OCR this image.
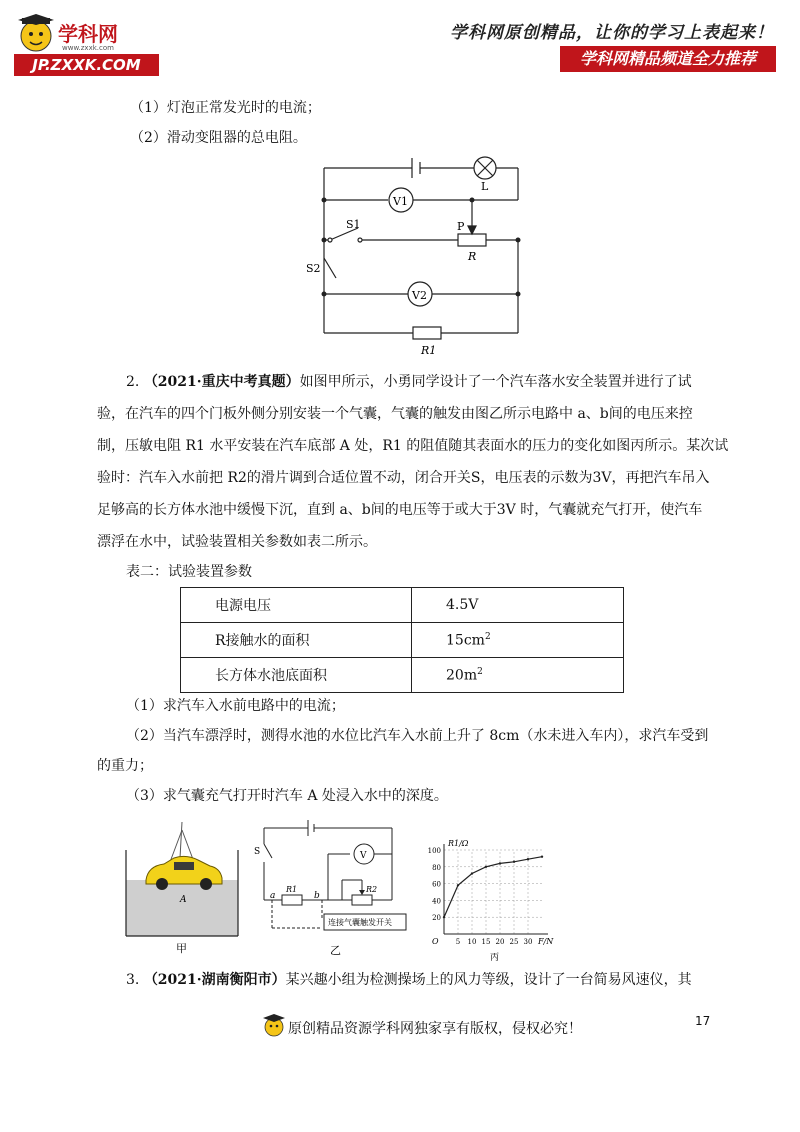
学科网
www.zxxk.com
JP.ZXXK.COM
学科网原创精品，让你的学习上表起来！
学科网精品频道全力推荐
（1）灯泡正常发光时的电流；
（2）滑动变阻器的总电阻。
L
V1
S1	P
R
S2
V2
R1
2. （2021·重庆中考真题）如图甲所示，小勇同学设计了一个汽车落水安全装置并进行了试
验，在汽车的四个门板外侧分别安装一个气囊，气囊的触发由图乙所示电路中 a、b间的电压来控
制，压敏电阻 R1 水平安装在汽车底部 A 处，R1 的阻值随其表面水的压力的变化如图丙所示。某次试
验时：汽车入水前把 R2的滑片调到合适位置不动，闭合开关S，电压表的示数为3V，再把汽车吊入
足够高的长方体水池中缓慢下沉，直到 a、b间的电压等于或大于3V 时，气囊就充气打开，使汽车
漂浮在水中，试验装置相关参数如表二所示。
表二：试验装置参数
电源电压	4.5V
R接触水的面积	$15cm^2$
长方体水池底面积	$20m^2$
（1）求汽车入水前电路中的电流；
（2）当汽车漂浮时，测得水池的水位比汽车入水前上升了 8cm（水未进入车内），求汽车受到
的重力；
（3）求气囊充气打开时汽车 A 处浸入水中的深度。
A
甲
连接气囊触发开关
S	V
a	b
R1	R2
乙
20
40
60
80
100
5 10 15 20 25 30
R1/Ω
F/N
O
丙
3. （2021·湖南衡阳市）某兴趣小组为检测操场上的风力等级，设计了一台简易风速仪，其
17
原创精品资源学科网独家享有版权，侵权必究！
